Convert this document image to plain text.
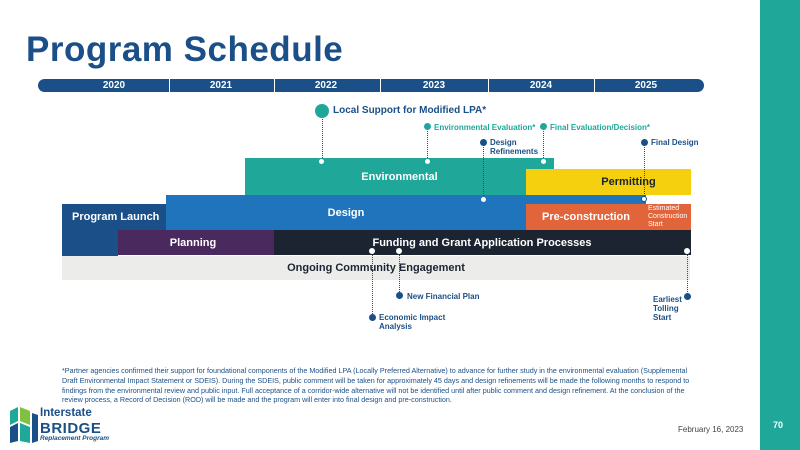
Program Schedule
70
2020	2021	2022	2023	2024	2025
Ongoing Community Engagement
Funding and Grant Application Processes
Planning
Design
Program Launch	Pre-construction
Environmental	Permitting
Local Support for Modified LPA*
Environmental Evaluation* Final Evaluation/Decision*
Design
Refinements
Final Design
Estimated
Construction
Start
New Financial Plan
Economic Impact
Analysis
Earliest
Tolling
Start
*Partner agencies confirmed their support for foundational components of the Modified LPA (Locally Preferred Alternative) to advance for further study in the environmental evaluation (Supplemental Draft Environmental Impact Statement or SDEIS). During the SDEIS, public comment will be taken for approximately 45 days and design refinements will be made the following months to respond to findings from the environmental review and public input. Full acceptance of a corridor-wide alternative will not be identified until after public comment and design refinement. At the conclusion of the review process, a Record of Decision (ROD) will be made and the program will enter into final design and pre-construction.
Interstate
BRIDGE
Replacement Program
February 16, 2023
